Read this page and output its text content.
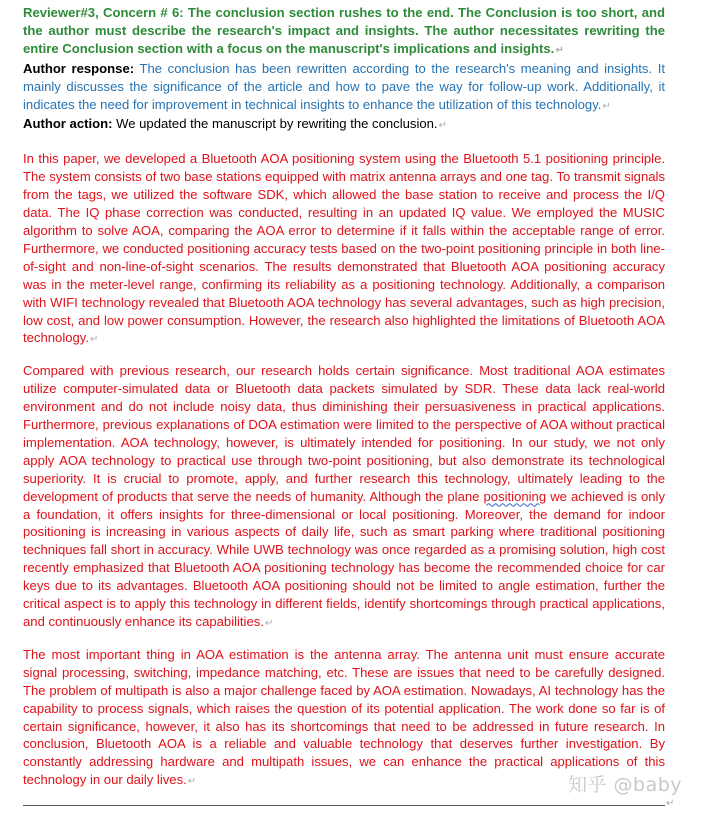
Reviewer#3, Concern # 6: The conclusion section rushes to the end. The Conclusion is too short, and the author must describe the research's impact and insights. The author necessitates rewriting the entire Conclusion section with a focus on the manuscript's implications and insights.↵

Author response: The conclusion has been rewritten according to the research's meaning and insights. It mainly discusses the significance of the article and how to pave the way for follow-up work. Additionally, it indicates the need for improvement in technical insights to enhance the utilization of this technology.↵

Author action: We updated the manuscript by rewriting the conclusion.↵

In this paper, we developed a Bluetooth AOA positioning system using the Bluetooth 5.1 positioning principle. The system consists of two base stations equipped with matrix antenna arrays and one tag. To transmit signals from the tags, we utilized the software SDK, which allowed the base station to receive and process the I/Q data. The IQ phase correction was conducted, resulting in an updated IQ value. We employed the MUSIC algorithm to solve AOA, comparing the AOA error to determine if it falls within the acceptable range of error. Furthermore, we conducted positioning accuracy tests based on the two-point positioning principle in both line-of-sight and non-line-of-sight scenarios. The results demonstrated that Bluetooth AOA positioning accuracy was in the meter-level range, confirming its reliability as a positioning technology. Additionally, a comparison with WIFI technology revealed that Bluetooth AOA technology has several advantages, such as high precision, low cost, and low power consumption. However, the research also highlighted the limitations of Bluetooth AOA technology.↵

Compared with previous research, our research holds certain significance. Most traditional AOA estimates utilize computer-simulated data or Bluetooth data packets simulated by SDR. These data lack real-world environment and do not include noisy data, thus diminishing their persuasiveness in practical applications. Furthermore, previous explanations of DOA estimation were limited to the perspective of AOA without practical implementation. AOA technology, however, is ultimately intended for positioning. In our study, we not only apply AOA technology to practical use through two-point positioning, but also demonstrate its technological superiority. It is crucial to promote, apply, and further research this technology, ultimately leading to the development of products that serve the needs of humanity. Although the plane positioning we achieved is only a foundation, it offers insights for three-dimensional or local positioning. Moreover, the demand for indoor positioning is increasing in various aspects of daily life, such as smart parking where traditional positioning techniques fall short in accuracy. While UWB technology was once regarded as a promising solution, high cost recently emphasized that Bluetooth AOA positioning technology has become the recommended choice for car keys due to its advantages. Bluetooth AOA positioning should not be limited to angle estimation, further the critical aspect is to apply this technology in different fields, identify shortcomings through practical applications, and continuously enhance its capabilities.↵

The most important thing in AOA estimation is the antenna array. The antenna unit must ensure accurate signal processing, switching, impedance matching, etc. These are issues that need to be carefully designed. The problem of multipath is also a major challenge faced by AOA estimation. Nowadays, AI technology has the capability to process signals, which raises the question of its potential application. The work done so far is of certain significance, however, it also has its shortcomings that need to be addressed in future research. In conclusion, Bluetooth AOA is a reliable and valuable technology that deserves further investigation. By constantly addressing hardware and multipath issues, we can enhance the practical applications of this technology in our daily lives.↵	知乎 @baby
↵
